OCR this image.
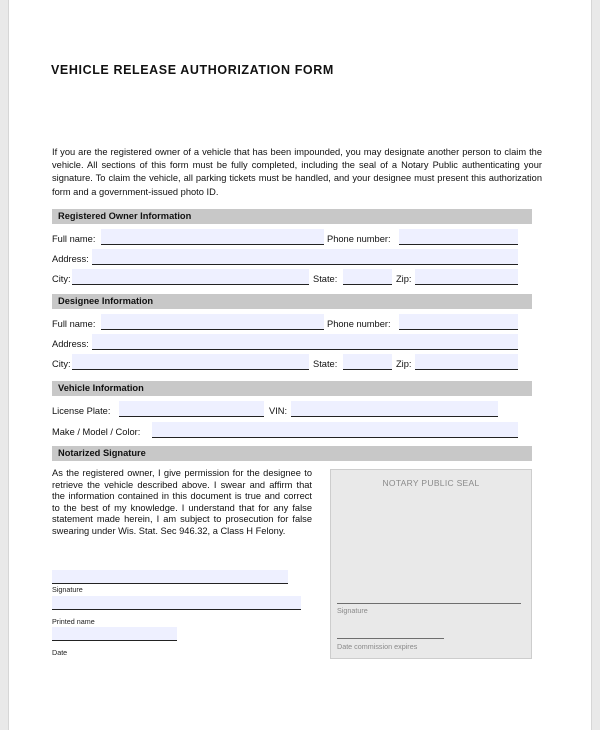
VEHICLE RELEASE AUTHORIZATION FORM
If you are the registered owner of a vehicle that has been impounded, you may designate another person to claim the vehicle. All sections of this form must be fully completed, including the seal of a Notary Public authenticating your signature. To claim the vehicle, all parking tickets must be handled, and your designee must present this authorization form and a government-issued photo ID.
Registered Owner Information
Full name:	Phone number:
Address:
City:	State:	Zip:
Designee Information
Full name:	Phone number:
Address:
City:	State:	Zip:
Vehicle Information
License Plate:	VIN:
Make / Model / Color:
Notarized Signature
As the registered owner, I give permission for the designee to retrieve the vehicle described above. I swear and affirm that the information contained in this document is true and correct to the best of my knowledge. I understand that for any false statement made herein, I am subject to prosecution for false swearing under Wis. Stat. Sec 946.32, a Class H Felony.
Signature
Printed name
Date
NOTARY PUBLIC SEAL
Signature
Date commission expires
